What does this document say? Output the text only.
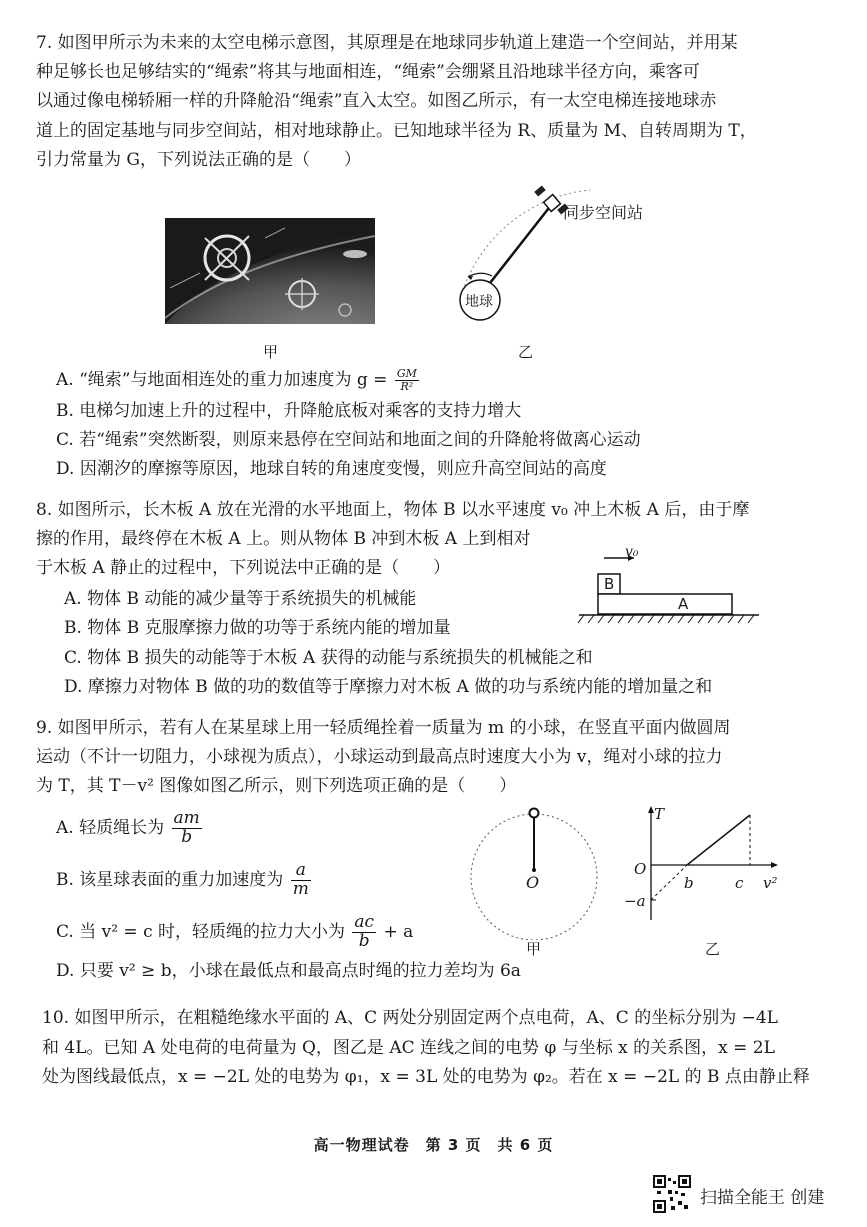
7. 如图甲所示为未来的太空电梯示意图，其原理是在地球同步轨道上建造一个空间站，并用某
种足够长也足够结实的“绳索”将其与地面相连，“绳索”会绷紧且沿地球半径方向，乘客可
以通过像电梯轿厢一样的升降舱沿“绳索”直入太空。如图乙所示，有一太空电梯连接地球赤
道上的固定基地与同步空间站，相对地球静止。已知地球半径为 R、质量为 M、自转周期为 T，
引力常量为 G，下列说法正确的是（　　）
甲
同步空间站
地球
乙
A. “绳索”与地面相连处的重力加速度为 $g = \frac{GM}{\text{R²}}$
B. 电梯匀加速上升的过程中，升降舱底板对乘客的支持力增大
C. 若“绳索”突然断裂，则原来悬停在空间站和地面之间的升降舱将做离心运动
D. 因潮汐的摩擦等原因，地球自转的角速度变慢，则应升高空间站的高度
8. 如图所示，长木板 A 放在光滑的水平地面上，物体 B 以水平速度 v₀ 冲上木板 A 后，由于摩
擦的作用，最终停在木板 A 上。则从物体 B 冲到木板 A 上到相对
于木板 A 静止的过程中，下列说法中正确的是（　　）
v₀
B
A
A. 物体 B 动能的减少量等于系统损失的机械能
B. 物体 B 克服摩擦力做的功等于系统内能的增加量
C. 物体 B 损失的动能等于木板 A 获得的动能与系统损失的机械能之和
D. 摩擦力对物体 B 做的功的数值等于摩擦力对木板 A 做的功与系统内能的增加量之和
9. 如图甲所示，若有人在某星球上用一轻质绳拴着一质量为 m 的小球，在竖直平面内做圆周
运动（不计一切阻力，小球视为质点），小球运动到最高点时速度大小为 v，绳对小球的拉力
为 T，其 T－v² 图像如图乙所示，则下列选项正确的是（　　）
A. 轻质绳长为 $\frac{am}{b}$
B. 该星球表面的重力加速度为 $\frac{a}{m}$
C. 当 v² = c 时，轻质绳的拉力大小为 $\frac{ac}{b} + a$
D. 只要 v² ≥ b，小球在最低点和最高点时绳的拉力差均为 6a
O
甲
T
O
b	c v²
−a
乙
10. 如图甲所示，在粗糙绝缘水平面的 A、C 两处分别固定两个点电荷，A、C 的坐标分别为 −4L
和 4L。已知 A 处电荷的电荷量为 Q，图乙是 AC 连线之间的电势 φ 与坐标 x 的关系图，x = 2L
处为图线最低点，x = −2L 处的电势为 φ₁，x = 3L 处的电势为 φ₂。若在 x = −2L 的 B 点由静止释
高一物理试卷　第 3 页　共 6 页
扫描全能王 创建
